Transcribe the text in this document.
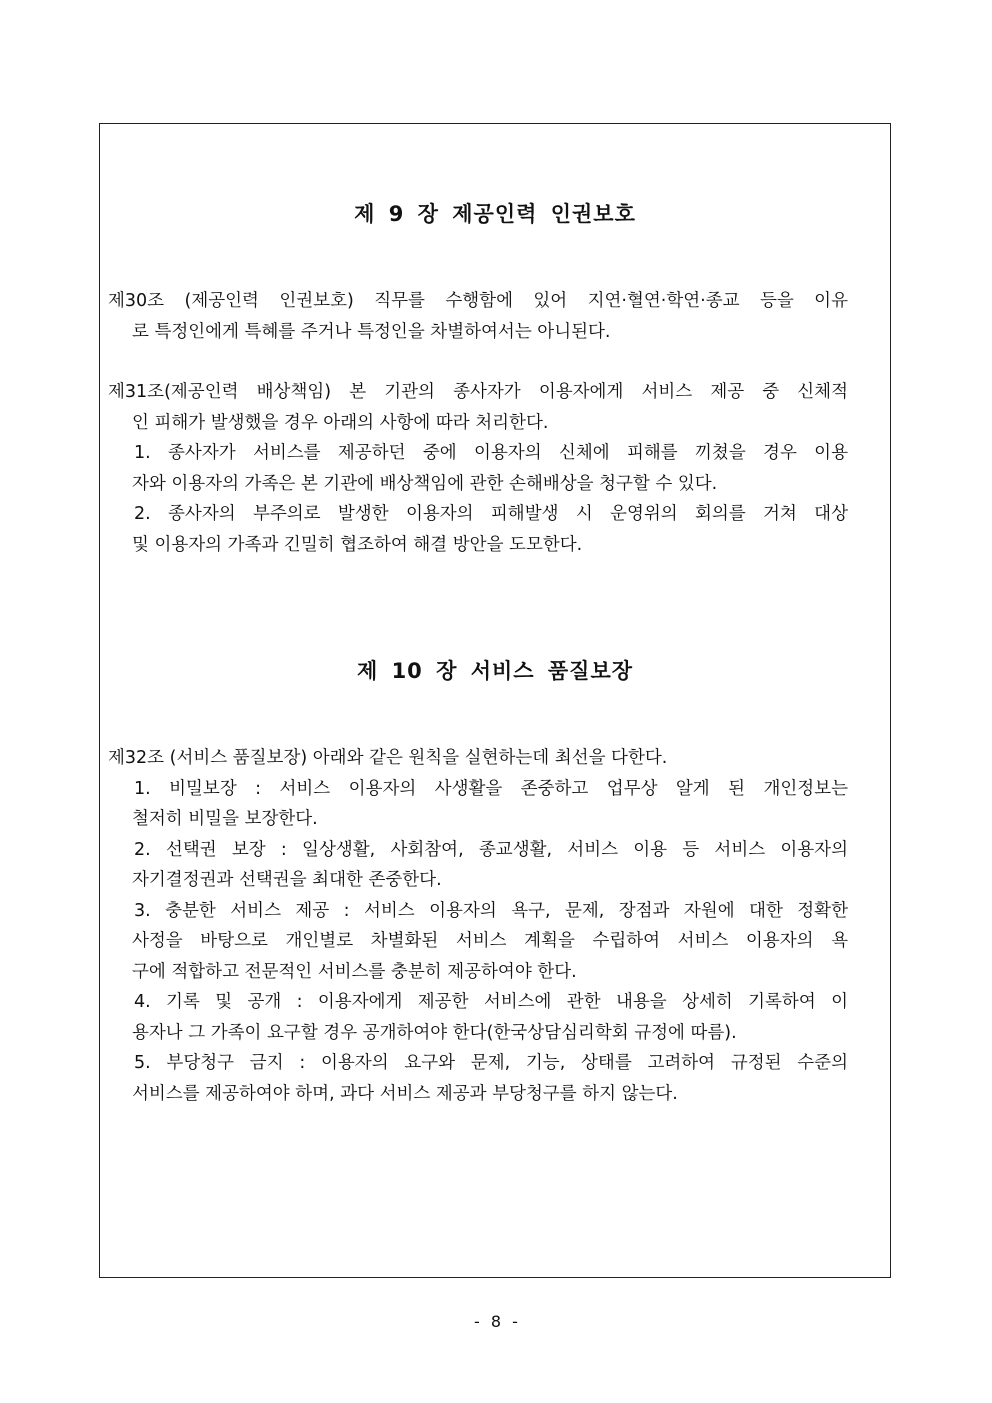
제 9 장 제공인력 인권보호
제30조 (제공인력 인권보호) 직무를 수행함에 있어 지연·혈연·학연·종교 등을 이유
로 특정인에게 특혜를 주거나 특정인을 차별하여서는 아니된다.
제31조(제공인력 배상책임) 본 기관의 종사자가 이용자에게 서비스 제공 중 신체적
인 피해가 발생했을 경우 아래의 사항에 따라 처리한다.
1. 종사자가 서비스를 제공하던 중에 이용자의 신체에 피해를 끼쳤을 경우 이용
자와 이용자의 가족은 본 기관에 배상책임에 관한 손해배상을 청구할 수 있다.
2. 종사자의 부주의로 발생한 이용자의 피해발생 시 운영위의 회의를 거쳐 대상
및 이용자의 가족과 긴밀히 협조하여 해결 방안을 도모한다.
제 10 장 서비스 품질보장
제32조 (서비스 품질보장) 아래와 같은 원칙을 실현하는데 최선을 다한다.
1. 비밀보장 : 서비스 이용자의 사생활을 존중하고 업무상 알게 된 개인정보는
철저히 비밀을 보장한다.
2. 선택권 보장 : 일상생활, 사회참여, 종교생활, 서비스 이용 등 서비스 이용자의
자기결정권과 선택권을 최대한 존중한다.
3. 충분한 서비스 제공 : 서비스 이용자의 욕구, 문제, 장점과 자원에 대한 정확한
사정을 바탕으로 개인별로 차별화된 서비스 계획을 수립하여 서비스 이용자의 욕
구에 적합하고 전문적인 서비스를 충분히 제공하여야 한다.
4. 기록 및 공개 : 이용자에게 제공한 서비스에 관한 내용을 상세히 기록하여 이
용자나 그 가족이 요구할 경우 공개하여야 한다(한국상담심리학회 규정에 따름).
5. 부당청구 금지 : 이용자의 요구와 문제, 기능, 상태를 고려하여 규정된 수준의
서비스를 제공하여야 하며, 과다 서비스 제공과 부당청구를 하지 않는다.
- 8 -
